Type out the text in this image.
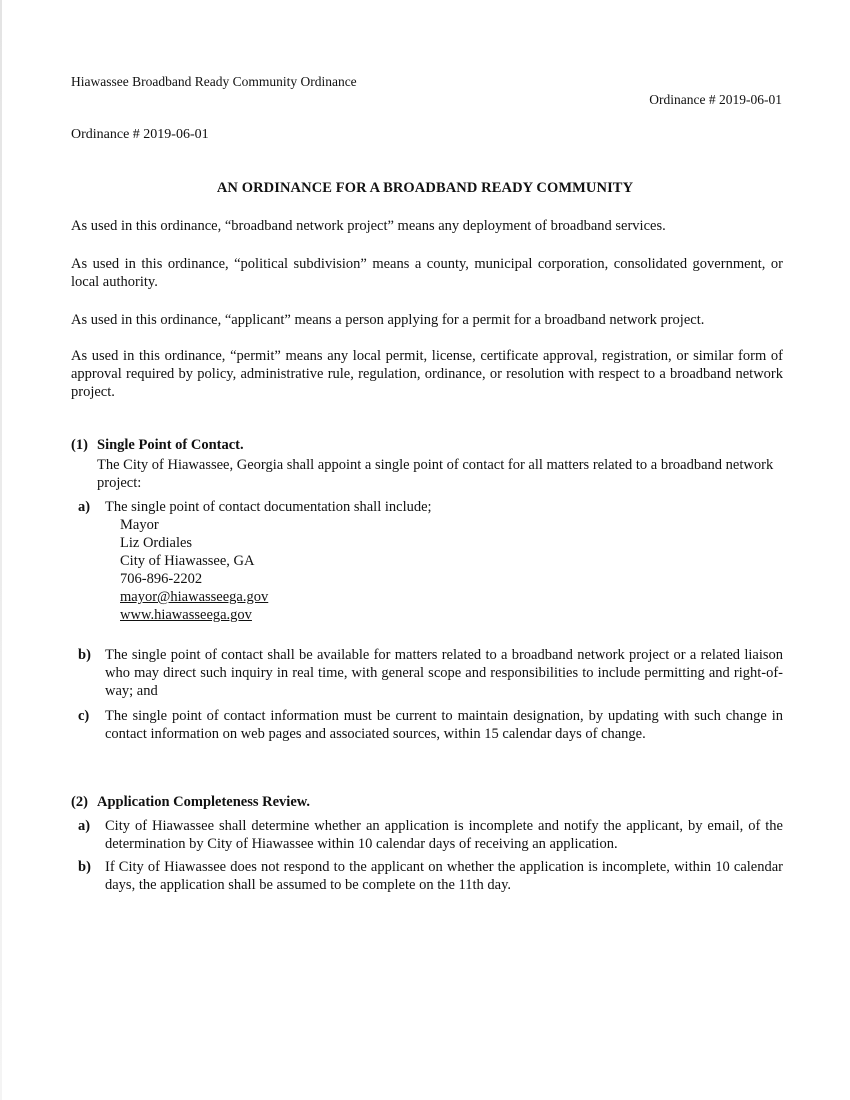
Hiawassee Broadband Ready Community Ordinance
Ordinance # 2019-06-01
Ordinance # 2019-06-01
AN ORDINANCE FOR A BROADBAND READY COMMUNITY
As used in this ordinance, “broadband network project” means any deployment of broadband services.
As used in this ordinance, “political subdivision” means a county, municipal corporation, consolidated government, or local authority.
As used in this ordinance, “applicant” means a person applying for a permit for a broadband network project.
As used in this ordinance, “permit” means any local permit, license, certificate approval, registration, or similar form of approval required by policy, administrative rule, regulation, ordinance, or resolution with respect to a broadband network project.
(1) Single Point of Contact.
The City of Hiawassee, Georgia shall appoint a single point of contact for all matters related to a broadband network project:
a) The single point of contact documentation shall include;
Mayor
Liz Ordiales
City of Hiawassee, GA
706-896-2202
mayor@hiawasseega.gov
www.hiawasseega.gov
b) The single point of contact shall be available for matters related to a broadband network project or a related liaison who may direct such inquiry in real time, with general scope and responsibilities to include permitting and right-of-way; and
c) The single point of contact information must be current to maintain designation, by updating with such change in contact information on web pages and associated sources, within 15 calendar days of change.
(2) Application Completeness Review.
a) City of Hiawassee shall determine whether an application is incomplete and notify the applicant, by email, of the determination by City of Hiawassee within 10 calendar days of receiving an application.
b) If City of Hiawassee does not respond to the applicant on whether the application is incomplete, within 10 calendar days, the application shall be assumed to be complete on the 11th day.
